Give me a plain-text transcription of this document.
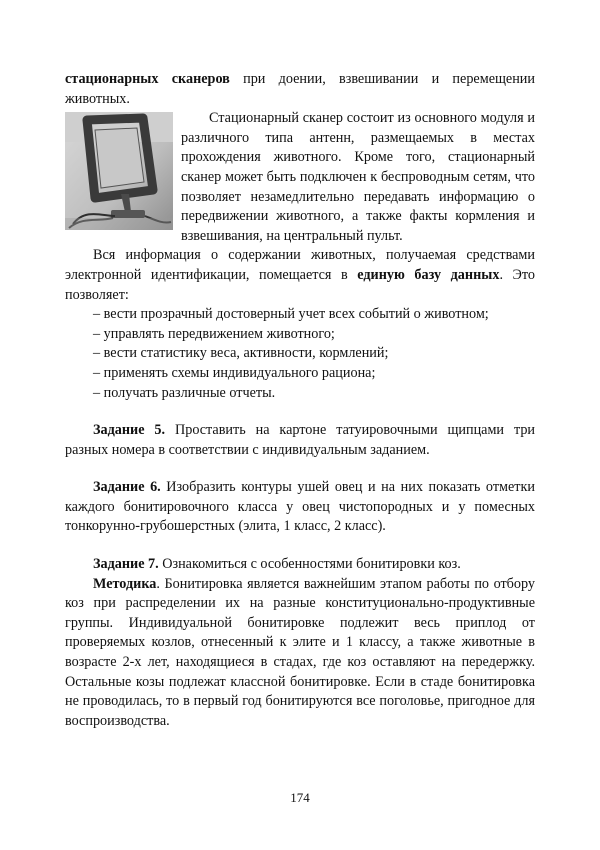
стационарных сканеров при доении, взвешивании и перемещении животных.

Стационарный сканер состоит из основного модуля и различного типа антенн, размещаемых в местах прохождения животного. Кроме того, стационарный сканер может быть подключен к беспроводным сетям, что позволяет незамедлительно передавать информацию о передвижении животного, а также факты кормления и взвешивания, на центральный пульт.

Вся информация о содержании животных, получаемая средствами электронной идентификации, помещается в единую базу данных. Это позволяет:

– вести прозрачный достоверный учет всех событий о животном;

– управлять передвижением животного;

– вести статистику веса, активности, кормлений;

– применять схемы индивидуального рациона;

– получать различные отчеты.

Задание 5. Проставить на картоне татуировочными щипцами три разных номера в соответствии с индивидуальным заданием.

Задание 6. Изобразить контуры ушей овец и на них показать отметки каждого бонитировочного класса у овец чистопородных и у помесных тонкорунно-грубошерстных (элита, 1 класс, 2 класс).

Задание 7. Ознакомиться с особенностями бонитировки коз.

Методика. Бонитировка является важнейшим этапом работы по отбору коз при распределении их на разные конституционально-продуктивные группы. Индивидуальной бонитировке подлежит весь приплод от проверяемых козлов, отнесенный к элите и 1 классу, а также животные в возрасте 2-х лет, находящиеся в стадах, где коз оставляют на передержку. Остальные козы подлежат классной бонитировке. Если в стаде бонитировка не проводилась, то в первый год бонитируются все поголовье, пригодное для воспроизводства.

174
